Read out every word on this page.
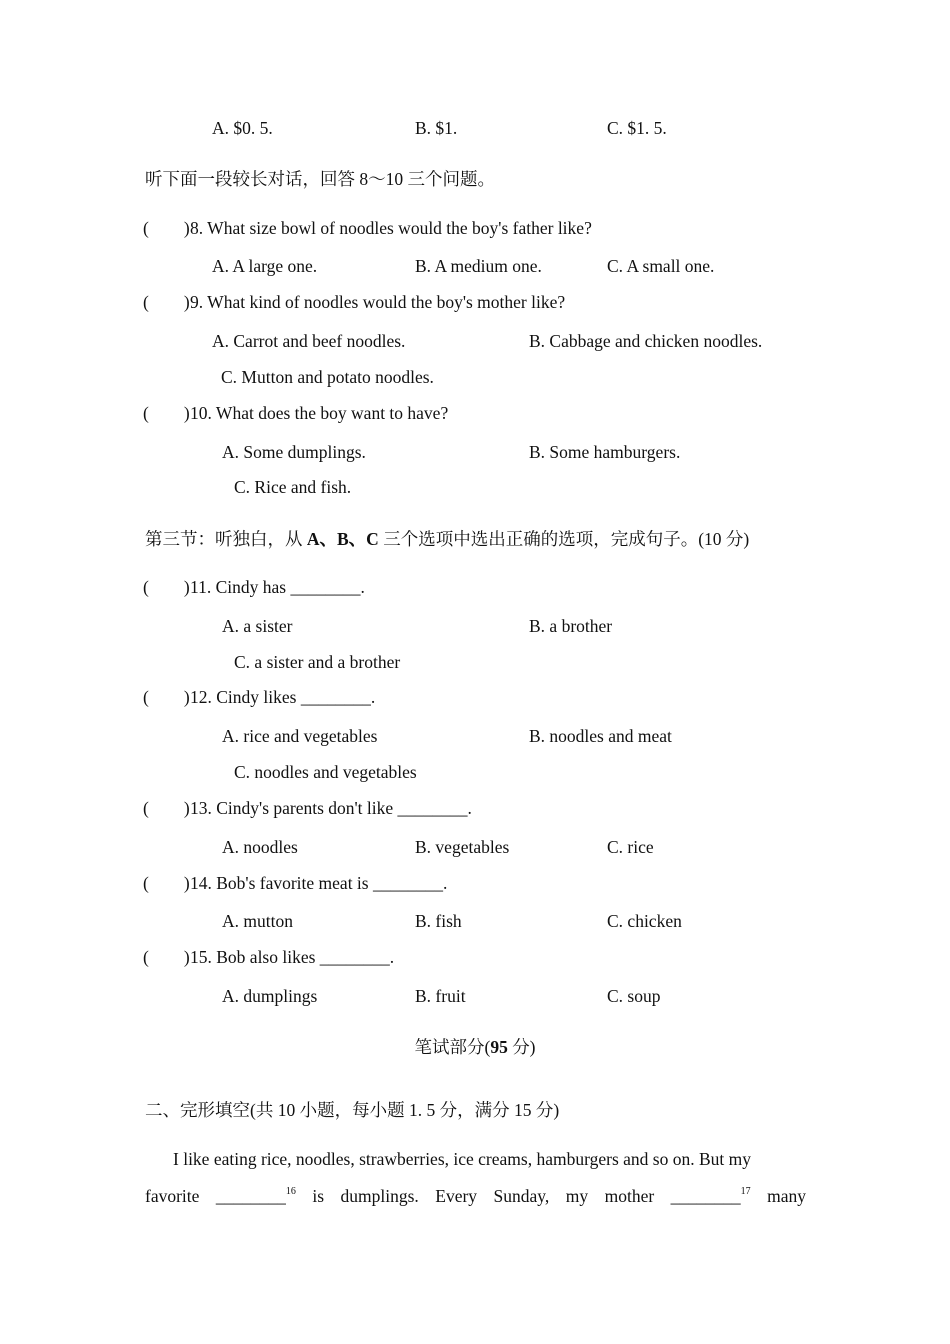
A. $0. 5.	B. $1.	C. $1. 5.
听下面一段较长对话，回答 8～10 三个问题。
(　　) 8. What size bowl of noodles would the boy's father like?
A. A large one.	B. A medium one.	C. A small one.
(　　) 9. What kind of noodles would the boy's mother like?
A. Carrot and beef noodles.	B. Cabbage and chicken noodles.
C. Mutton and potato noodles.
(　　) 10. What does the boy want to have?
A. Some dumplings.	B. Some hamburgers.
C. Rice and fish.
第三节：听独白，从 A、B、C 三个选项中选出正确的选项，完成句子。(10 分)
(　　) 11. Cindy has ________.
A. a sister	B. a brother
C. a sister and a brother
(　　) 12. Cindy likes ________.
A. rice and vegetables	B. noodles and meat
C. noodles and vegetables
(　　) 13. Cindy's parents don't like ________.
A. noodles	B. vegetables	C. rice
(　　) 14. Bob's favorite meat is ________.
A. mutton	B. fish	C. chicken
(　　) 15. Bob also likes ________.
A. dumplings	B. fruit	C. soup
笔试部分(95 分)
二、完形填空(共 10 小题，每小题 1. 5 分，满分 15 分)
I like eating rice, noodles, strawberries, ice creams, hamburgers and so on. But my
favorite ________$^{16}$ is dumplings. Every Sunday, my mother ________$^{17}$ many
